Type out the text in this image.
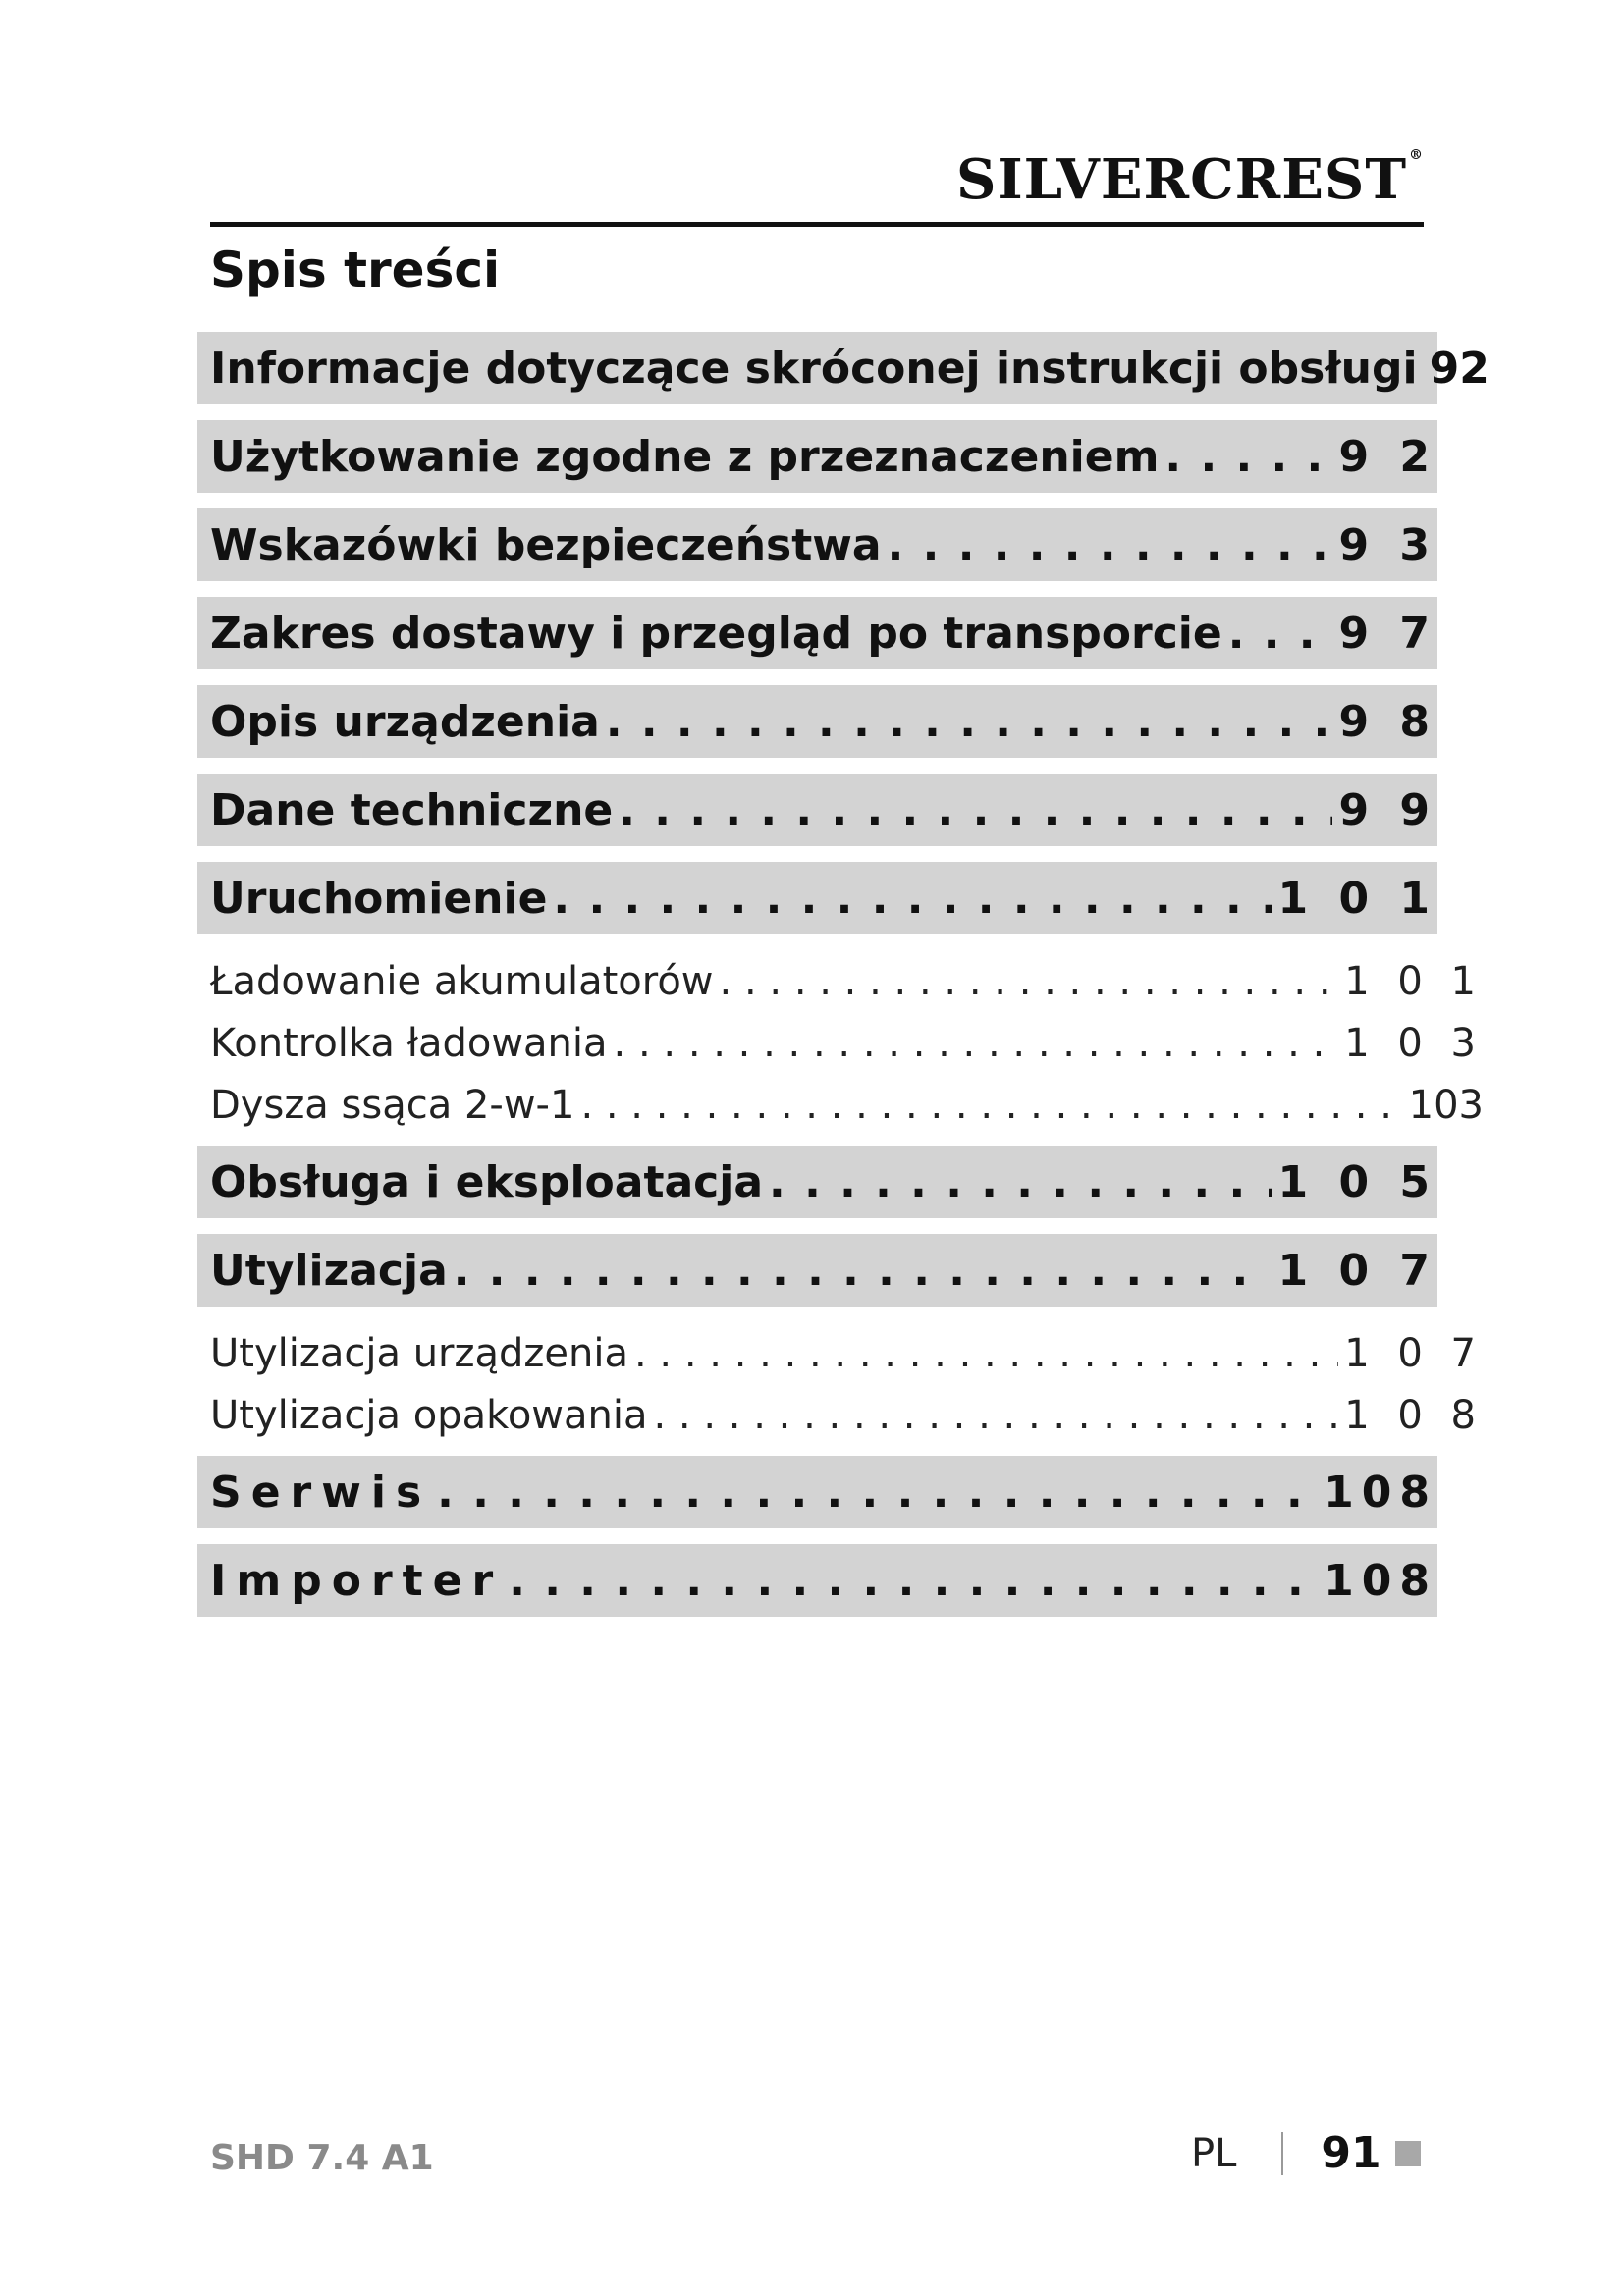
SILVERCREST ®
Spis treści
Informacje dotyczące skróconej instrukcji obsługi 92
Użytkowanie zgodne z przeznaczeniem . . .	9 2
Wskazówki bezpieczeństwa . . .	9 3
Zakres dostawy i przegląd po transporcie . . .	9 7
Opis urządzenia . . .	9 8
Dane techniczne . . .	9 9
Uruchomienie . . .	1 0 1
Ładowanie akumulatorów . . .	1 0 1
Kontrolka ładowania . . .	1 0 3
Dysza ssąca 2-w-1 . . .	103
Obsługa i eksploatacja . . .	1 0 5
Utylizacja . . .	1 0 7
Utylizacja urządzenia . . .	1 0 7
Utylizacja opakowania . . .	1 0 8
Serwis . . .	108
Importer . . .	108
SHD 7.4 A1	PL 91
